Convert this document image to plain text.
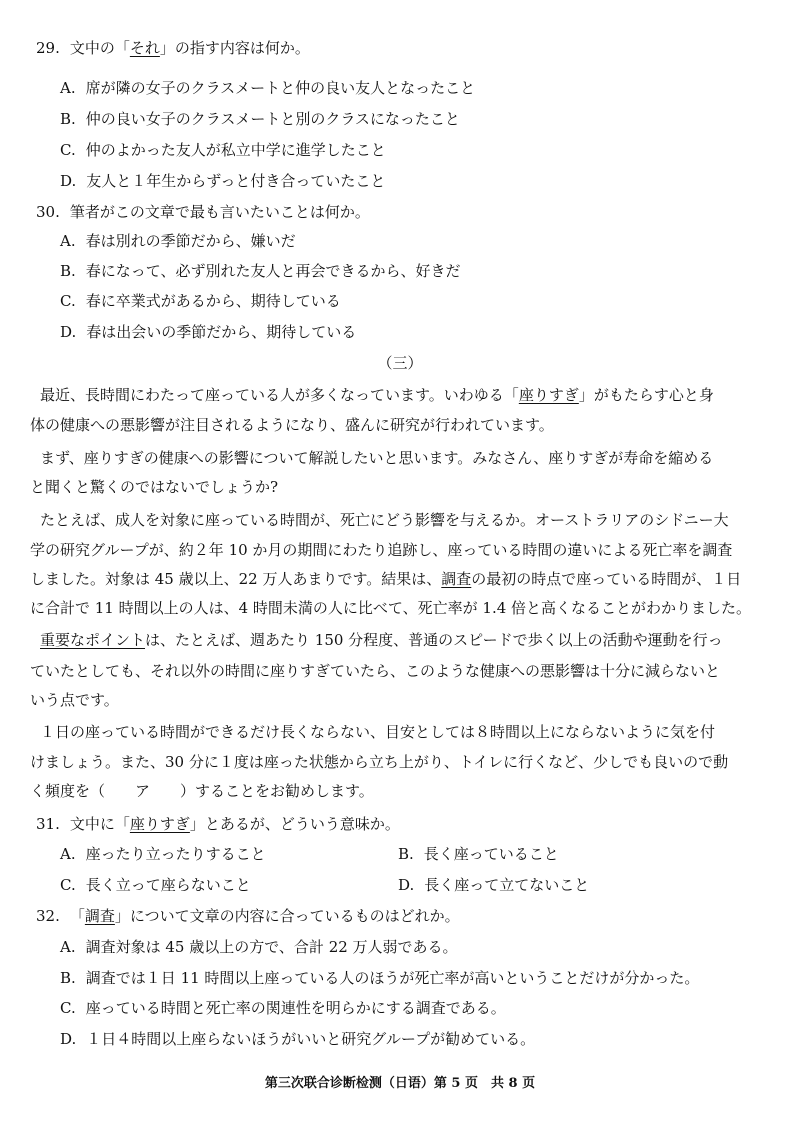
29. 文中の「それ」の指す内容は何か。
A. 席が隣の女子のクラスメートと仲の良い友人となったこと
B. 仲の良い女子のクラスメートと別のクラスになったこと
C. 仲のよかった友人が私立中学に進学したこと
D. 友人と１年生からずっと付き合っていたこと
30. 筆者がこの文章で最も言いたいことは何か。
A. 春は別れの季節だから、嫌いだ
B. 春になって、必ず別れた友人と再会できるから、好きだ
C. 春に卒業式があるから、期待している
D. 春は出会いの季節だから、期待している
（三）
最近、長時間にわたって座っている人が多くなっています。いわゆる「座りすぎ」がもたらす心と身
体の健康への悪影響が注目されるようになり、盛んに研究が行われています。
まず、座りすぎの健康への影響について解説したいと思います。みなさん、座りすぎが寿命を縮める
と聞くと驚くのではないでしょうか?
たとえば、成人を対象に座っている時間が、死亡にどう影響を与えるか。オーストラリアのシドニー大
学の研究グループが、約２年 10 か月の期間にわたり追跡し、座っている時間の違いによる死亡率を調査
しました。対象は 45 歳以上、22 万人あまりです。結果は、調査の最初の時点で座っている時間が、１日
に合計で 11 時間以上の人は、4 時間未満の人に比べて、死亡率が 1.4 倍と高くなることがわかりました。
重要なポイントは、たとえば、週あたり 150 分程度、普通のスピードで歩く以上の活動や運動を行っ
ていたとしても、それ以外の時間に座りすぎていたら、このような健康への悪影響は十分に減らないと
いう点です。
１日の座っている時間ができるだけ長くならない、目安としては８時間以上にならないように気を付
けましょう。また、30 分に１度は座った状態から立ち上がり、トイレに行くなど、少しでも良いので動
く頻度を（　　ア　　）することをお勧めします。
31. 文中に「座りすぎ」とあるが、どういう意味か。
A. 座ったり立ったりすること	B. 長く座っていること
C. 長く立って座らないこと	D. 長く座って立てないこと
32. 「調査」について文章の内容に合っているものはどれか。
A. 調査対象は 45 歳以上の方で、合計 22 万人弱である。
B. 調査では１日 11 時間以上座っている人のほうが死亡率が高いということだけが分かった。
C. 座っている時間と死亡率の関連性を明らかにする調査である。
D. １日４時間以上座らないほうがいいと研究グループが勧めている。
第三次联合诊断检测（日语）第 5 页　共 8 页
